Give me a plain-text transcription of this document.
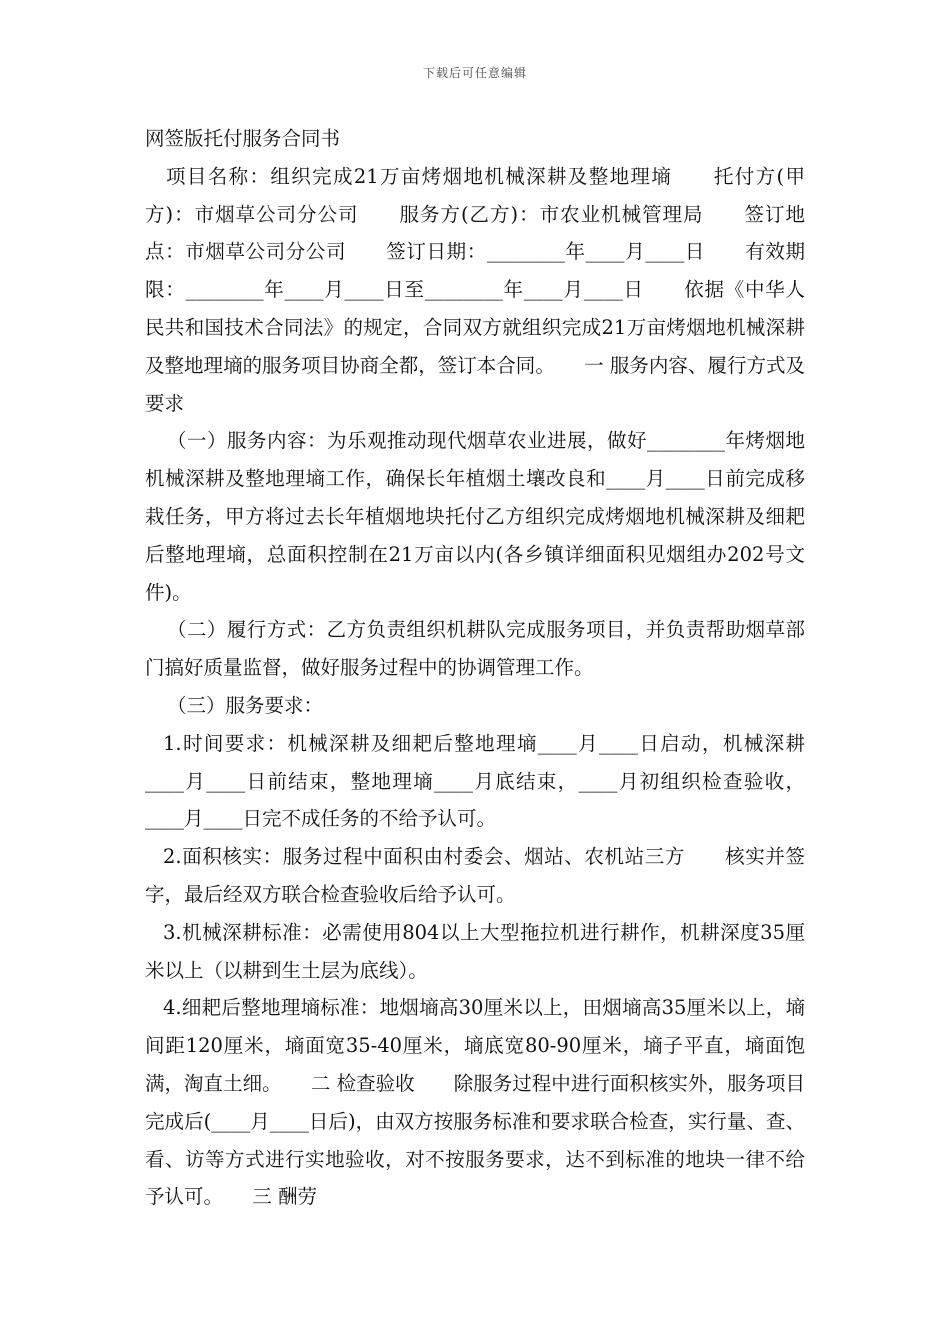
下载后可任意编辑

网签版托付服务合同书

项目名称：组织完成21万亩烤烟地机械深耕及整地理墒　　托付方(甲方)：市烟草公司分公司　　服务方(乙方)：市农业机械管理局　　签订地点：市烟草公司分公司　　签订日期：________年____月____日　　有效期限：________年____月____日至________年____月____日　　依据《中华人民共和国技术合同法》的规定，合同双方就组织完成21万亩烤烟地机械深耕及整地理墒的服务项目协商全都，签订本合同。　　一 服务内容、履行方式及要求

（一）服务内容：为乐观推动现代烟草农业进展，做好________年烤烟地机械深耕及整地理墒工作，确保长年植烟土壤改良和____月____日前完成移栽任务，甲方将过去长年植烟地块托付乙方组织完成烤烟地机械深耕及细耙后整地理墒，总面积控制在21万亩以内(各乡镇详细面积见烟组办202号文件)。

（二）履行方式：乙方负责组织机耕队完成服务项目，并负责帮助烟草部门搞好质量监督，做好服务过程中的协调管理工作。

（三）服务要求：

1.时间要求：机械深耕及细耙后整地理墒____月____日启动，机械深耕____月____日前结束，整地理墒____月底结束，____月初组织检查验收，____月____日完不成任务的不给予认可。

2.面积核实：服务过程中面积由村委会、烟站、农机站三方　　核实并签字，最后经双方联合检查验收后给予认可。

3.机械深耕标准：必需使用804以上大型拖拉机进行耕作，机耕深度35厘米以上（以耕到生土层为底线）。

4.细耙后整地理墒标准：地烟墒高30厘米以上，田烟墒高35厘米以上，墒间距120厘米，墒面宽35-40厘米，墒底宽80-90厘米，墒子平直，墒面饱满，淘直土细。　　二 检查验收　　除服务过程中进行面积核实外，服务项目完成后(____月____日后)，由双方按服务标准和要求联合检查，实行量、查、看、访等方式进行实地验收，对不按服务要求，达不到标准的地块一律不给予认可。　　三 酬劳
